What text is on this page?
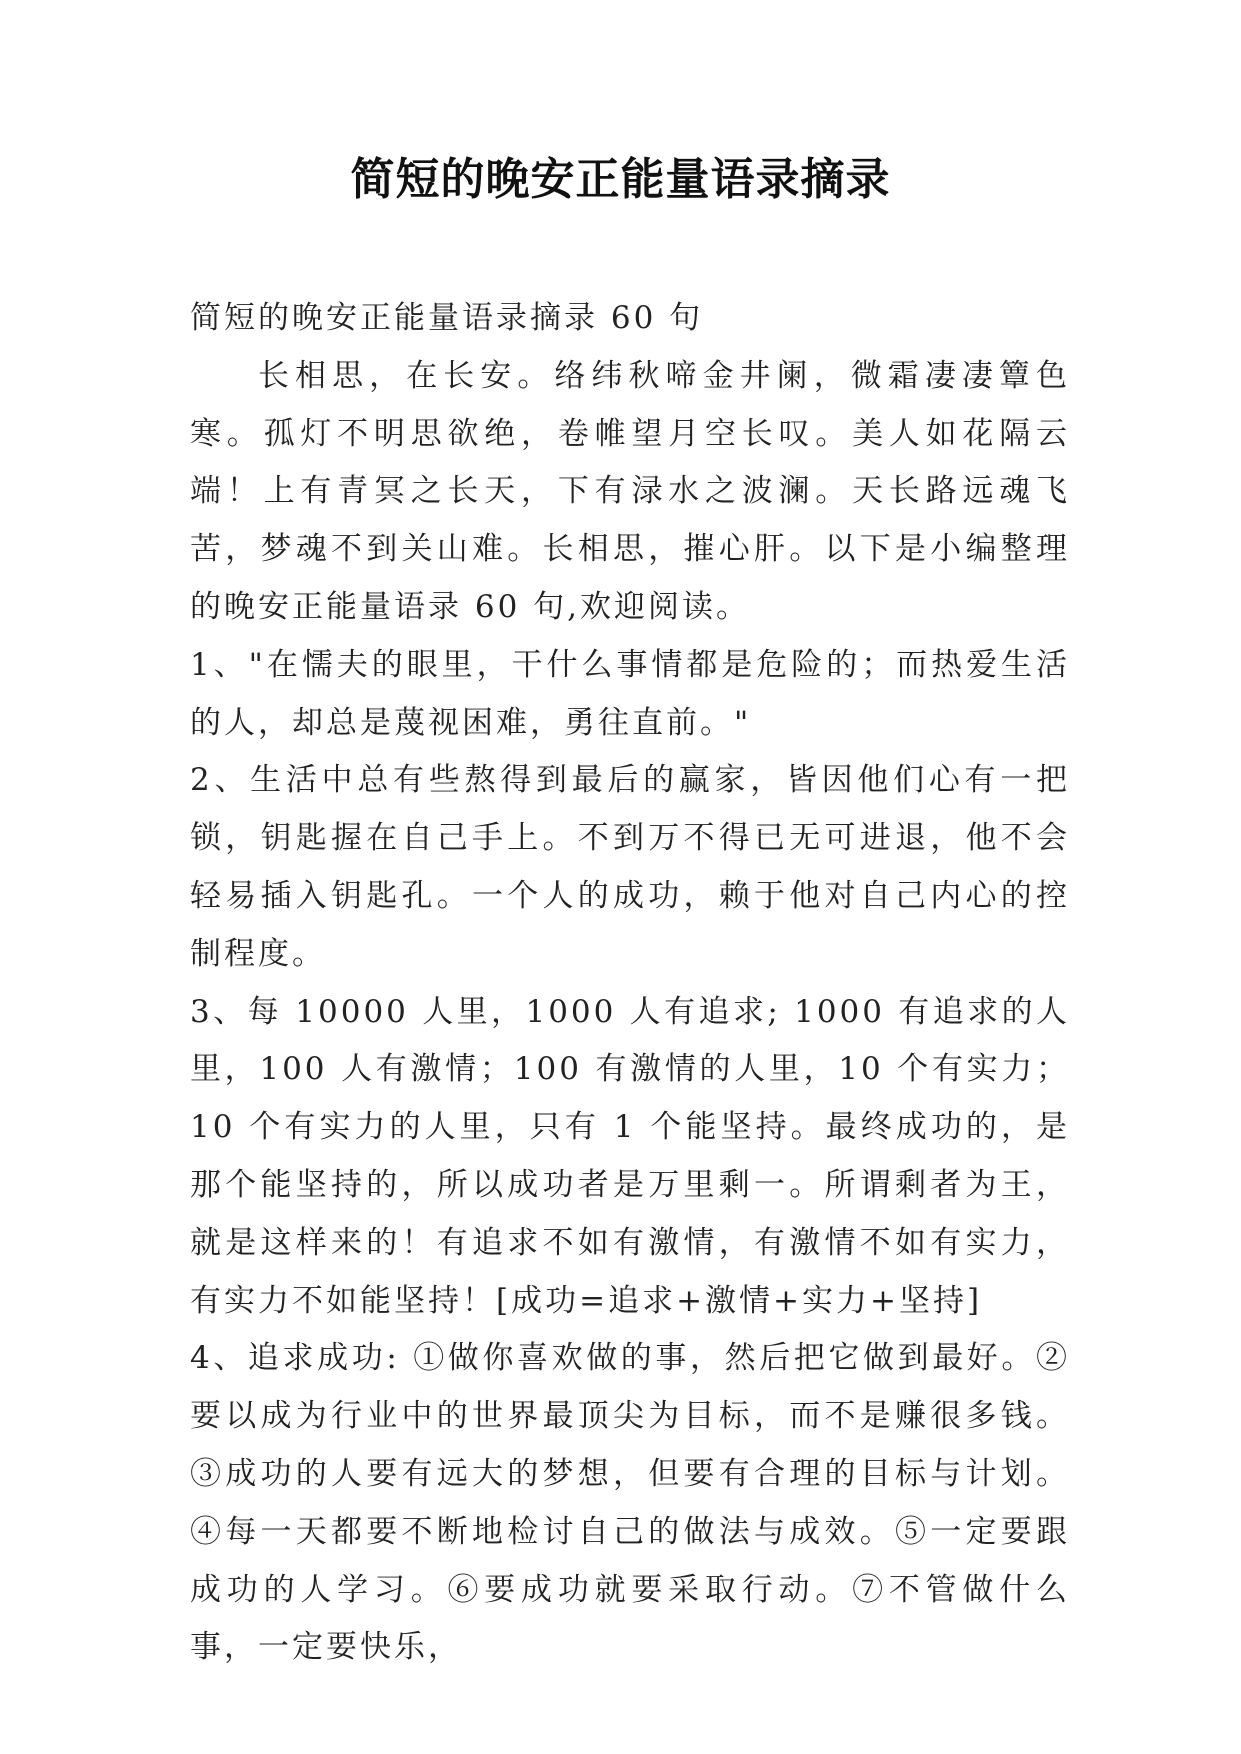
简短的晚安正能量语录摘录

简短的晚安正能量语录摘录 60 句

长相思，在长安。络纬秋啼金井阑，微霜凄凄簟色寒。孤灯不明思欲绝，卷帷望月空长叹。美人如花隔云端！上有青冥之长天，下有渌水之波澜。天长路远魂飞苦，梦魂不到关山难。长相思，摧心肝。以下是小编整理的晚安正能量语录 60 句,欢迎阅读。

1、"在懦夫的眼里，干什么事情都是危险的；而热爱生活的人，却总是蔑视困难，勇往直前。"

2、生活中总有些熬得到最后的赢家，皆因他们心有一把锁，钥匙握在自己手上。不到万不得已无可进退，他不会轻易插入钥匙孔。一个人的成功，赖于他对自己内心的控制程度。

3、每 10000 人里，1000 人有追求; 1000 有追求的人里，100 人有激情；100 有激情的人里，10 个有实力；10 个有实力的人里，只有 1 个能坚持。最终成功的，是那个能坚持的，所以成功者是万里剩一。所谓剩者为王，就是这样来的！有追求不如有激情，有激情不如有实力，有实力不如能坚持！[成功=追求+激情+实力+坚持]

4、追求成功: ①做你喜欢做的事，然后把它做到最好。②要以成为行业中的世界最顶尖为目标，而不是赚很多钱。③成功的人要有远大的梦想，但要有合理的目标与计划。④每一天都要不断地检讨自己的做法与成效。⑤一定要跟成功的人学习。⑥要成功就要采取行动。⑦不管做什么事，一定要快乐，
